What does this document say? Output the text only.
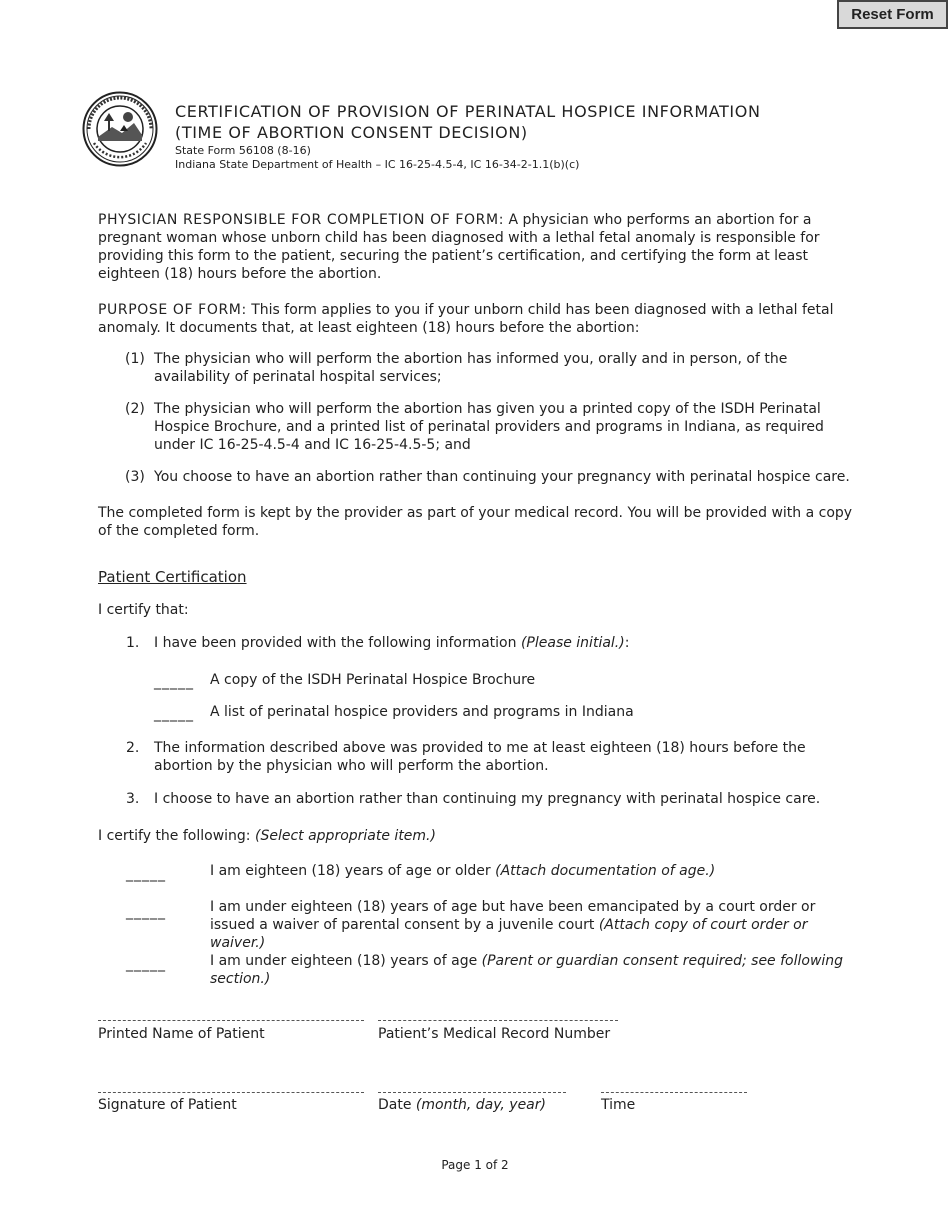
Reset Form
CERTIFICATION OF PROVISION OF PERINATAL HOSPICE INFORMATION
(TIME OF ABORTION CONSENT DECISION)
State Form 56108 (8-16)
Indiana State Department of Health – IC 16-25-4.5-4, IC 16-34-2-1.1(b)(c)
PHYSICIAN RESPONSIBLE FOR COMPLETION OF FORM: A physician who performs an abortion for a pregnant woman whose unborn child has been diagnosed with a lethal fetal anomaly is responsible for providing this form to the patient, securing the patient’s certification, and certifying the form at least eighteen (18) hours before the abortion.
PURPOSE OF FORM: This form applies to you if your unborn child has been diagnosed with a lethal fetal anomaly. It documents that, at least eighteen (18) hours before the abortion:
(1) The physician who will perform the abortion has informed you, orally and in person, of the availability of perinatal hospital services;
(2) The physician who will perform the abortion has given you a printed copy of the ISDH Perinatal Hospice Brochure, and a printed list of perinatal providers and programs in Indiana, as required under IC 16-25-4.5-4 and IC 16-25-4.5-5; and
(3) You choose to have an abortion rather than continuing your pregnancy with perinatal hospice care.
The completed form is kept by the provider as part of your medical record. You will be provided with a copy of the completed form.
Patient Certification
I certify that:
1. I have been provided with the following information (Please initial.):
_____ A copy of the ISDH Perinatal Hospice Brochure
_____ A list of perinatal hospice providers and programs in Indiana
2. The information described above was provided to me at least eighteen (18) hours before the abortion by the physician who will perform the abortion.
3. I choose to have an abortion rather than continuing my pregnancy with perinatal hospice care.
I certify the following: (Select appropriate item.)
_____	I am eighteen (18) years of age or older (Attach documentation of age.)
_____	I am under eighteen (18) years of age but have been emancipated by a court order or issued a waiver of parental consent by a juvenile court (Attach copy of court order or waiver.)
_____	I am under eighteen (18) years of age (Parent or guardian consent required; see following section.)
Printed Name of Patient	Patient’s Medical Record Number
Signature of Patient	Date (month, day, year)	Time
Page 1 of 2
